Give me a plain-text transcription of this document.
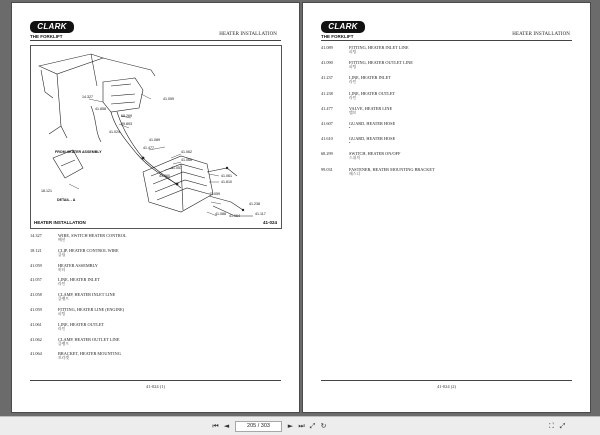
CLARK
THE FORKLIFT	HEATER INSTALLATION
14.327	41.059
41.858
68.269
99.893
41.024
41.089
41.477
41.062
41.066
41.057
41.060	41.061
41.610
18.121
41.059
41.238
41.088 41.064	41.117
FROM HEATER ASSEMBLY
DETAIL - A
HEATER INSTALLATION	41-024
14.327	WIRE, SWITCH HEATER CONTROL
배선
18.121	CLIP, HEATER CONTROL WIRE
클립
41.059	HEATER ASSEMBLY
히터
41.057	LINE, HEATER INLET
라인
41.058	CLAMP, HEATER INLET LINE
클램프
41.059	FITTING, HEATER LINE (ENGINE)
피팅
41.061	LINE, HEATER OUTLET
라인
41.062	CLAMP, HEATER OUTLET LINE
클램프
41.064	BRACKET, HEATER MOUNTING
브라켓
41-024 (1)
CLARK
THE FORKLIFT	HEATER INSTALLATION
41.089	FITTING, HEATER INLET LINE
피팅
41.090	FITTING, HEATER OUTLET LINE
피팅
41.237	LINE, HEATER INLET
라인
41.238	LINE, HEATER OUTLET
라인
41.477	VALVE, HEATER LINE
밸브
41.607	GUARD, HEATER HOSE
•
41.610	GUARD, HEATER HOSE
•
68.299	SWITCH, HEATER ON/OFF
스위치
99.031	FASTENER, HEATER MOUNTING BRACKET
패스너
41-024 (2)
⏮ ◄	205 / 303	► ⏭ ⤢ ↻	⛶ ⤢
